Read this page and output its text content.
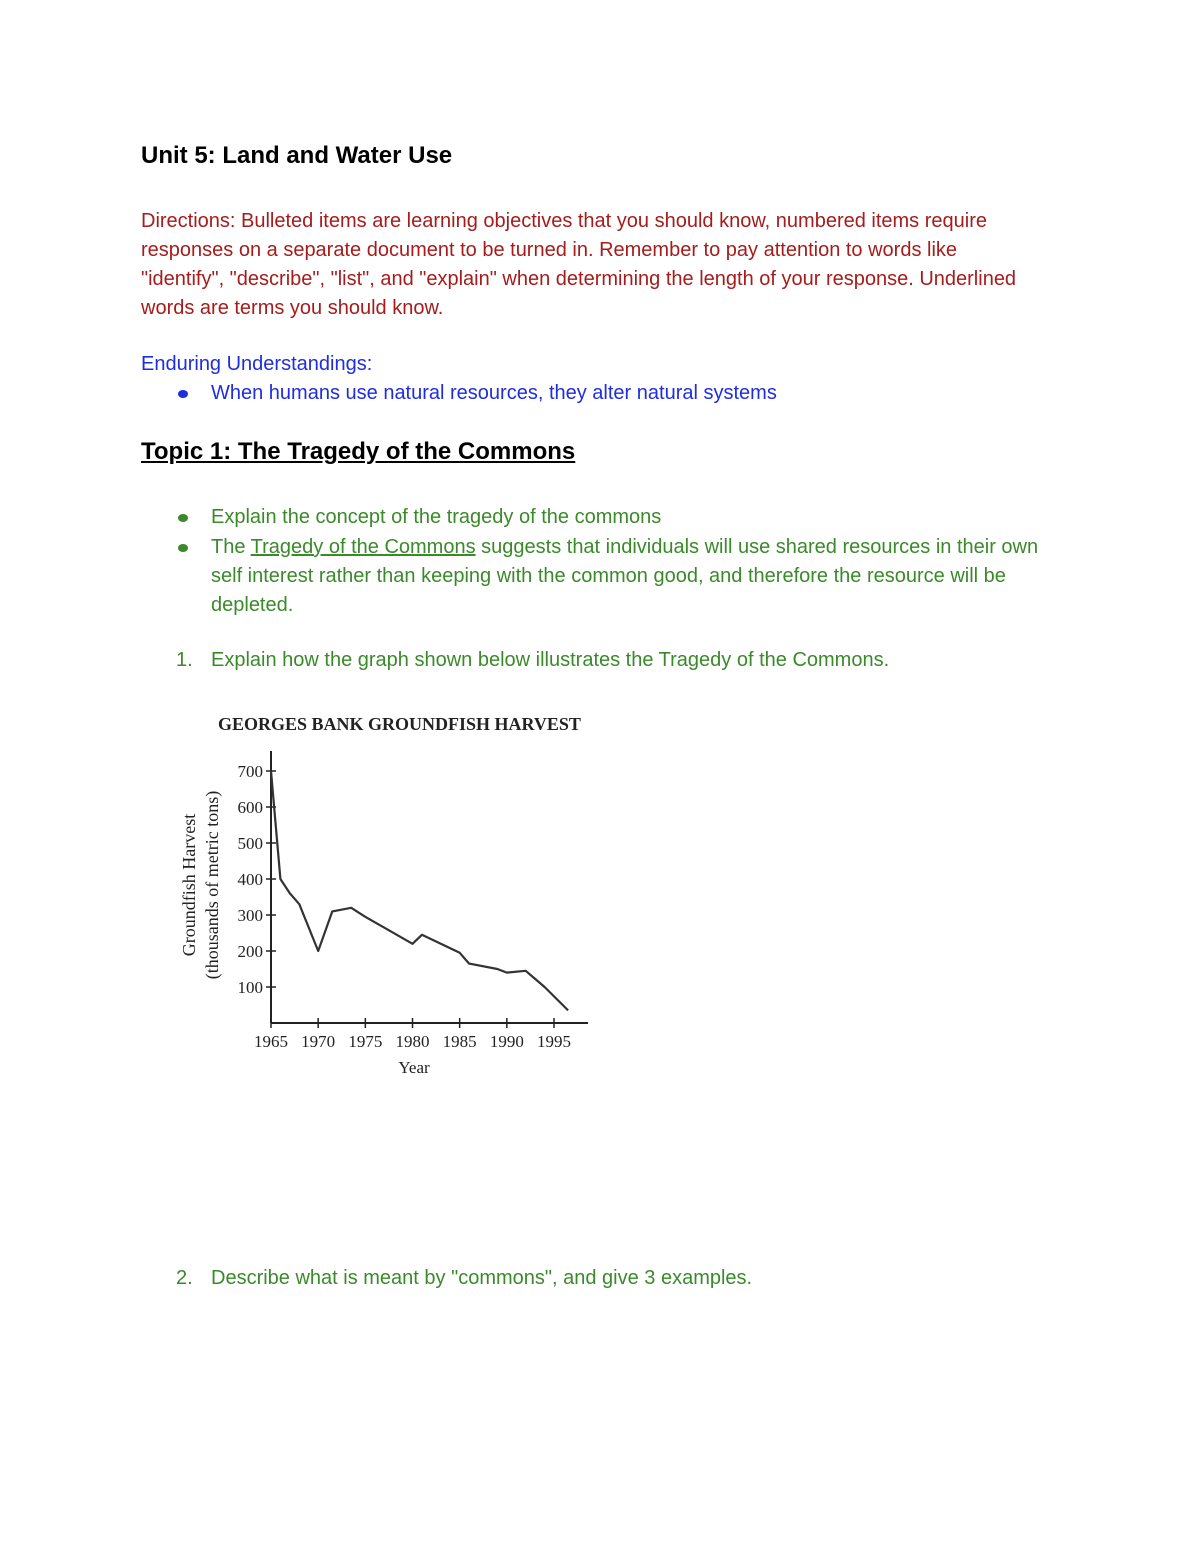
Unit 5: Land and Water Use

Directions: Bulleted items are learning objectives that you should know, numbered items require responses on a separate document to be turned in. Remember to pay attention to words like "identify", "describe", "list", and "explain" when determining the length of your response. Underlined words are terms you should know.

Enduring Understandings:

When humans use natural resources, they alter natural systems
Topic 1: The Tragedy of the Commons
Explain the concept of the tragedy of the commons
The Tragedy of the Commons suggests that individuals will use shared resources in their own self interest rather than keeping with the common good, and therefore the resource will be depleted.
1. Explain how the graph shown below illustrates the Tragedy of the Commons.
GEORGES BANK GROUNDFISH HARVEST
Groundfish Harvest (thousands of metric tons)
Year
100
200
300
400
500
600
700
1965 1970 1975 1980 1985 1990 1995
2. Describe what is meant by "commons", and give 3 examples.
